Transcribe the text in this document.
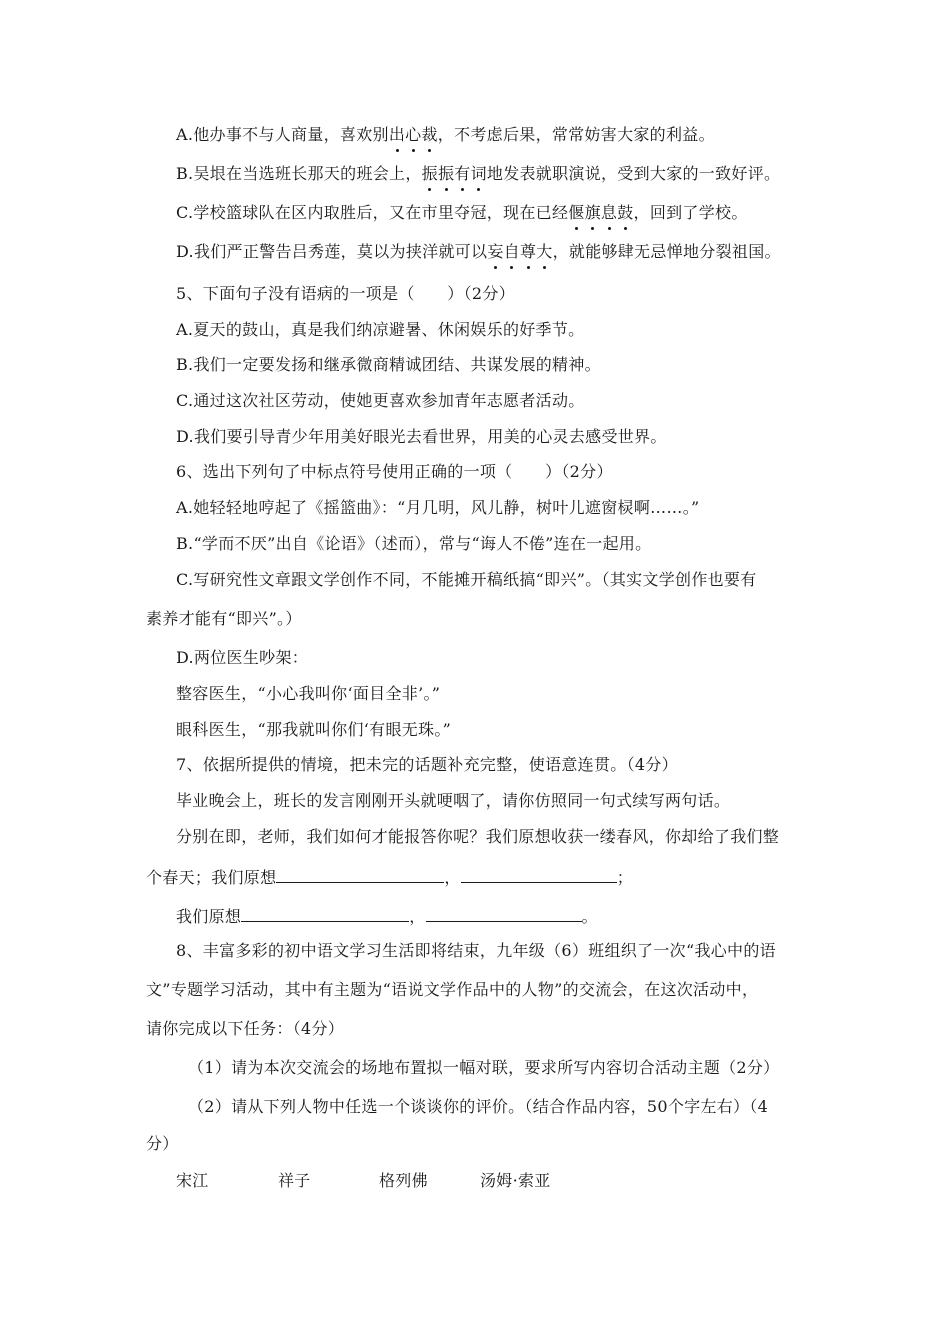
A.他办事不与人商量，喜欢别出心裁，不考虑后果，常常妨害大家的利益。
B.吴垠在当选班长那天的班会上，振振有词地发表就职演说，受到大家的一致好评。
C.学校篮球队在区内取胜后，又在市里夺冠，现在已经偃旗息鼓，回到了学校。
D.我们严正警告吕秀莲，莫以为挟洋就可以妄自尊大，就能够肆无忌惮地分裂祖国。
5、下面句子没有语病的一项是（　　）（2分）
A.夏天的鼓山，真是我们纳凉避暑、休闲娱乐的好季节。
B.我们一定要发扬和继承微商精诚团结、共谋发展的精神。
C.通过这次社区劳动，使她更喜欢参加青年志愿者活动。
D.我们要引导青少年用美好眼光去看世界，用美的心灵去感受世界。
6、选出下列句了中标点符号使用正确的一项（　　）（2分）
A.她轻轻地哼起了《摇篮曲》：“月几明，风儿静，树叶儿遮窗棂啊……。”
B.“学而不厌”出自《论语》（述而），常与“诲人不倦”连在一起用。
C.写研究性文章跟文学创作不同，不能摊开稿纸搞“即兴”。（其实文学创作也要有
素养才能有“即兴”。）
D.两位医生吵架：
整容医生，“小心我叫你‘面目全非’。”
眼科医生，“那我就叫你们‘有眼无珠。”
7、依据所提供的情境，把未完的话题补充完整，使语意连贯。（4分）
毕业晚会上，班长的发言刚刚开头就哽咽了，请你仿照同一句式续写两句话。
分别在即，老师，我们如何才能报答你呢？我们原想收获一缕春风，你却给了我们整
个春天；我们原想	，	；
我们原想	，	。
8、丰富多彩的初中语文学习生活即将结束，九年级（6）班组织了一次“我心中的语
文”专题学习活动，其中有主题为“语说文学作品中的人物”的交流会，在这次活动中，
请你完成以下任务：（4分）
（1）请为本次交流会的场地布置拟一幅对联，要求所写内容切合活动主题（2分）
（2）请从下列人物中任选一个谈谈你的评价。（结合作品内容，50个字左右）（4
分）
宋江	祥子	格列佛	汤姆·索亚
